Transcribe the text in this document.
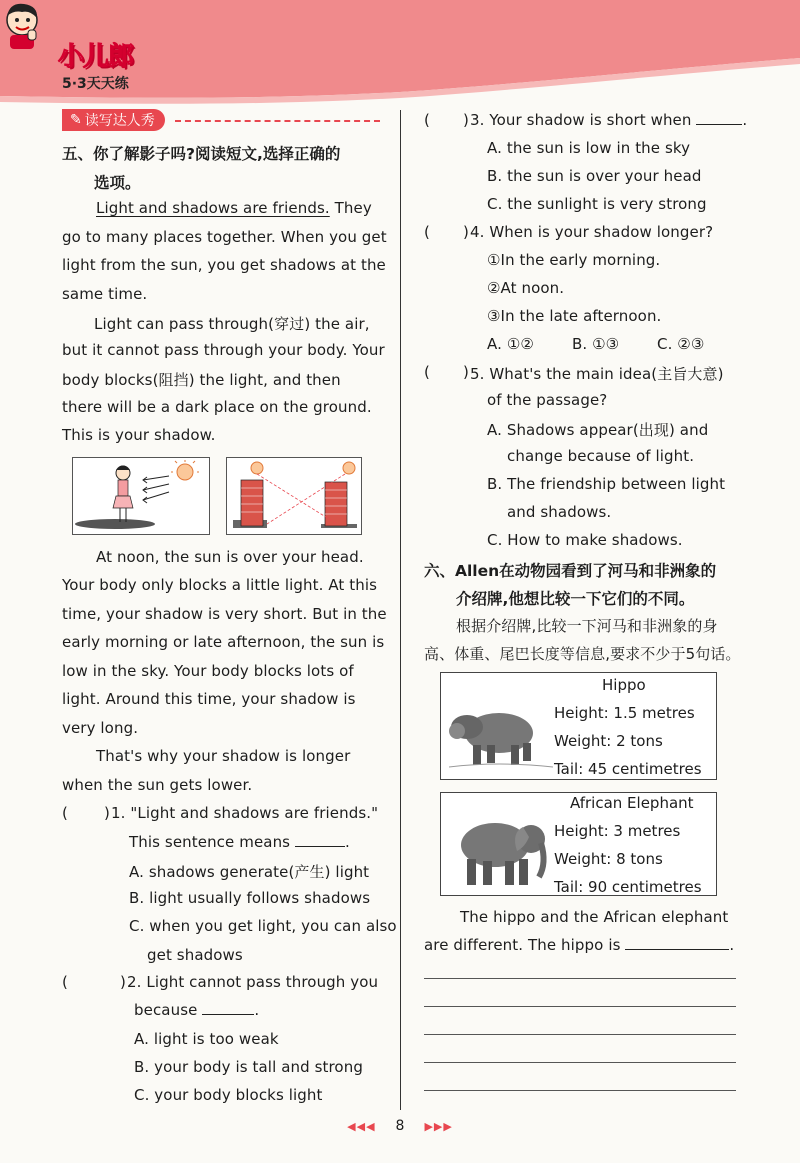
小儿郎
5·3天天练
✎ 读写达人秀
五、你了解影子吗?阅读短文,选择正确的
选项。
Light and shadows are friends. They
go to many places together. When you get
light from the sun, you get shadows at the
same time.
Light can pass through(穿过) the air,
but it cannot pass through your body. Your
body blocks(阻挡) the light, and then
there will be a dark place on the ground.
This is your shadow.
At noon, the sun is over your head.
Your body only blocks a little light. At this
time, your shadow is very short. But in the
early morning or late afternoon, the sun is
low in the sky. Your body blocks lots of
light. Around this time, your shadow is
very long.
That's why your shadow is longer
when the sun gets lower.
( ) 1. "Light and shadows are friends."
This sentence means	.
A. shadows generate(产生) light
B. light usually follows shadows
C. when you get light, you can also
get shadows
(	) 2. Light cannot pass through you
because	.
A. light is too weak
B. your body is tall and strong
C. your body blocks light
( ) 3. Your shadow is short when	.
A. the sun is low in the sky
B. the sun is over your head
C. the sunlight is very strong
( ) 4. When is your shadow longer?
①In the early morning.
②At noon.
③In the late afternoon.
A. ①②	B. ①③	C. ②③
( ) 5. What's the main idea(主旨大意)
of the passage?
A. Shadows appear(出现) and
change because of light.
B. The friendship between light
and shadows.
C. How to make shadows.
六、Allen在动物园看到了河马和非洲象的
介绍牌,他想比较一下它们的不同。
根据介绍牌,比较一下河马和非洲象的身
高、体重、尾巴长度等信息,要求不少于5句话。
Hippo
Height: 1.5 metres
Weight: 2 tons
Tail: 45 centimetres
African Elephant
Height: 3 metres
Weight: 8 tons
Tail: 90 centimetres
The hippo and the African elephant
are different. The hippo is	.
◀◀◀ 8 ▶▶▶
